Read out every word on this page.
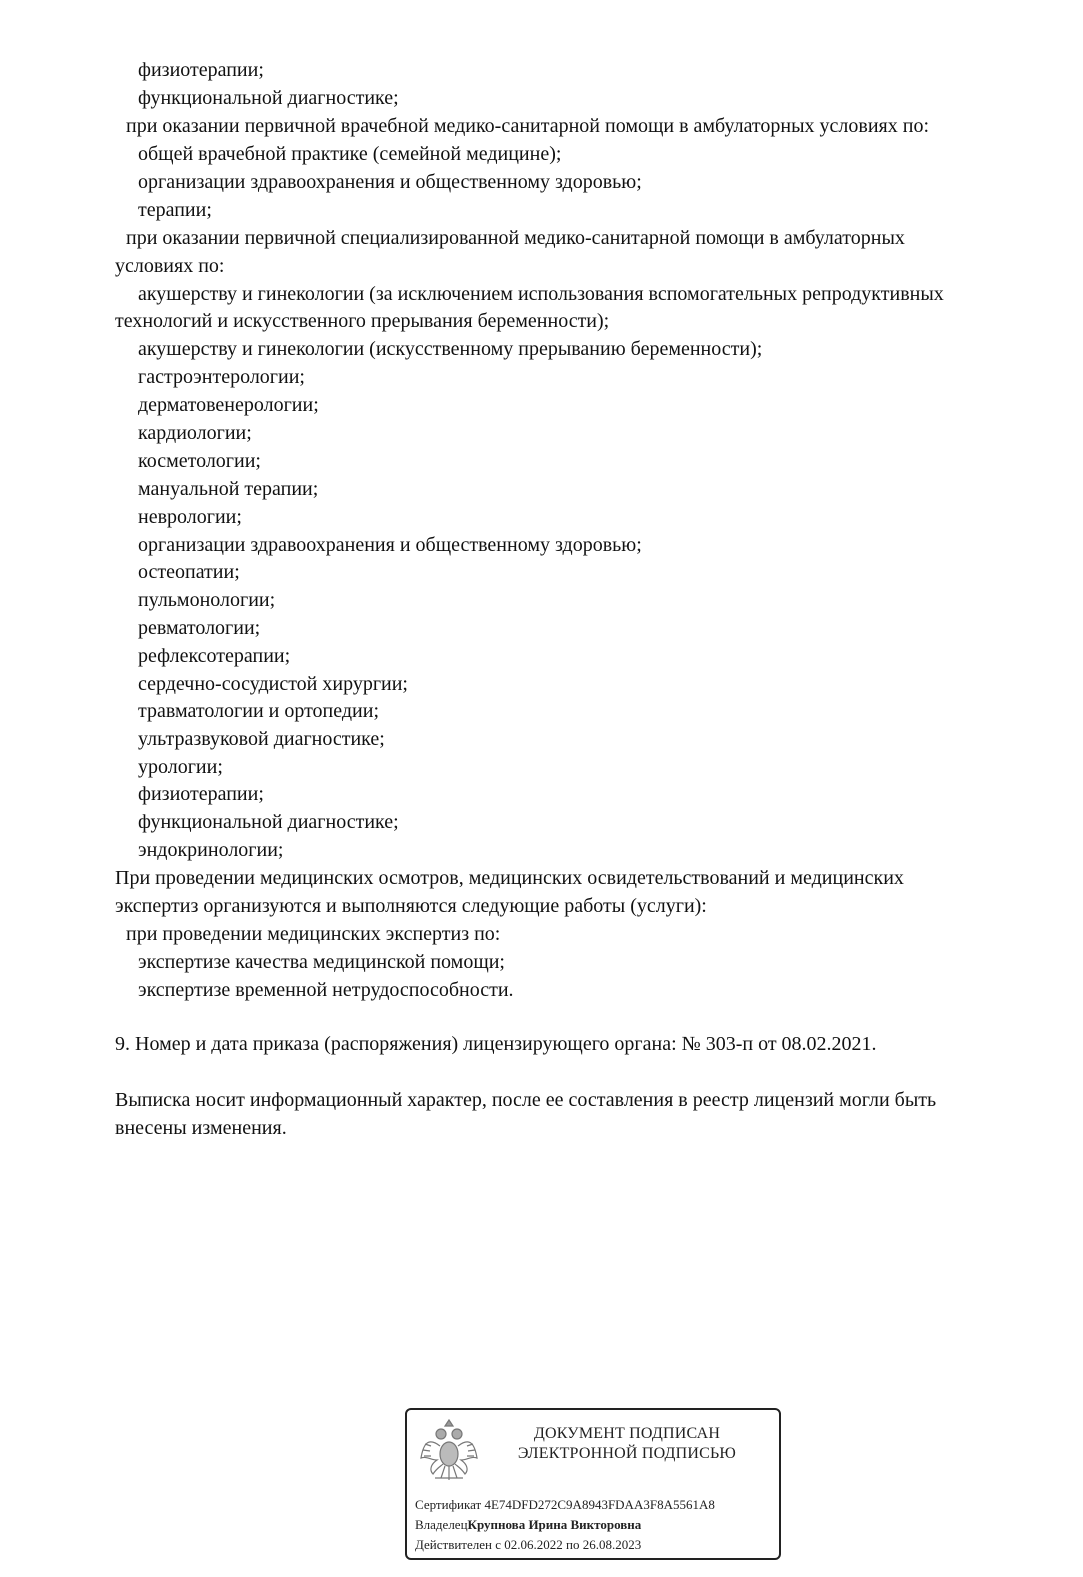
физиотерапии;
функциональной диагностике;
при оказании первичной врачебной медико-санитарной помощи в амбулаторных условиях по:
общей врачебной практике (семейной медицине);
организации здравоохранения и общественному здоровью;
терапии;
при оказании первичной специализированной медико-санитарной помощи в амбулаторных
условиях по:
акушерству и гинекологии (за исключением использования вспомогательных репродуктивных
технологий и искусственного прерывания беременности);
акушерству и гинекологии (искусственному прерыванию беременности);
гастроэнтерологии;
дерматовенерологии;
кардиологии;
косметологии;
мануальной терапии;
неврологии;
организации здравоохранения и общественному здоровью;
остеопатии;
пульмонологии;
ревматологии;
рефлексотерапии;
сердечно-сосудистой хирургии;
травматологии и ортопедии;
ультразвуковой диагностике;
урологии;
физиотерапии;
функциональной диагностике;
эндокринологии;
При проведении медицинских осмотров, медицинских освидетельствований и медицинских
экспертиз организуются и выполняются следующие работы (услуги):
при проведении медицинских экспертиз по:
экспертизе качества медицинской помощи;
экспертизе временной нетрудоспособности.
9. Номер и дата приказа (распоряжения) лицензирующего органа: № 303-п от 08.02.2021.
Выписка носит информационный характер, после ее составления в реестр лицензий могли быть
внесены изменения.
ДОКУМЕНТ ПОДПИСАН
ЭЛЕКТРОННОЙ ПОДПИСЬЮ
Сертификат 4E74DFD272C9A8943FDAA3F8A5561A8
ВладелецКрупнова Ирина Викторовна
Действителен с 02.06.2022 по 26.08.2023
